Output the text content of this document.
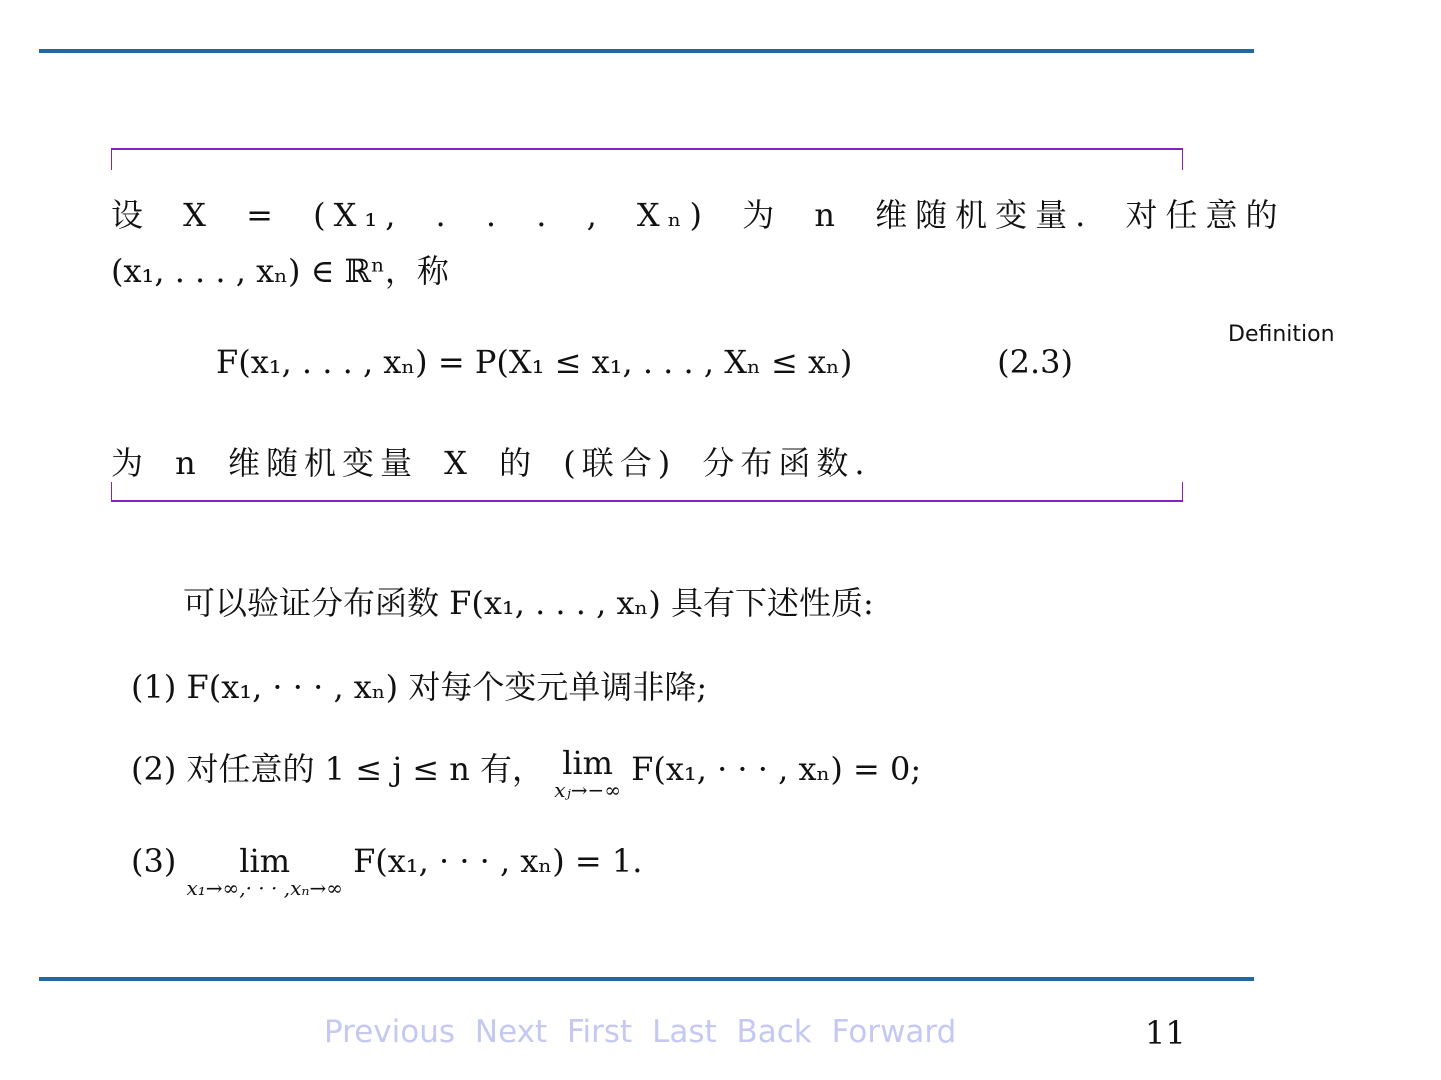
设 X = (X₁, . . . , Xₙ) 为 n 维随机变量. 对任意的
(x₁, . . . , xₙ) ∈ ℝⁿ，称
F(x₁, . . . , xₙ) = P(X₁ ≤ x₁, . . . , Xₙ ≤ xₙ)	(2.3)
为 n 维随机变量 X 的 (联合) 分布函数.
Definition
可以验证分布函数 F(x₁, . . . , xₙ) 具有下述性质:
(1) F(x₁, · · · , xₙ) 对每个变元单调非降;
(2) 对任意的 1 ≤ j ≤ n 有， lim
xⱼ→−∞
F(x₁, · · · , xₙ) = 0;
(3) lim
x₁→∞,· · · ,xₙ→∞
F(x₁, · · · , xₙ) = 1.
Previous Next First Last Back Forward	11
